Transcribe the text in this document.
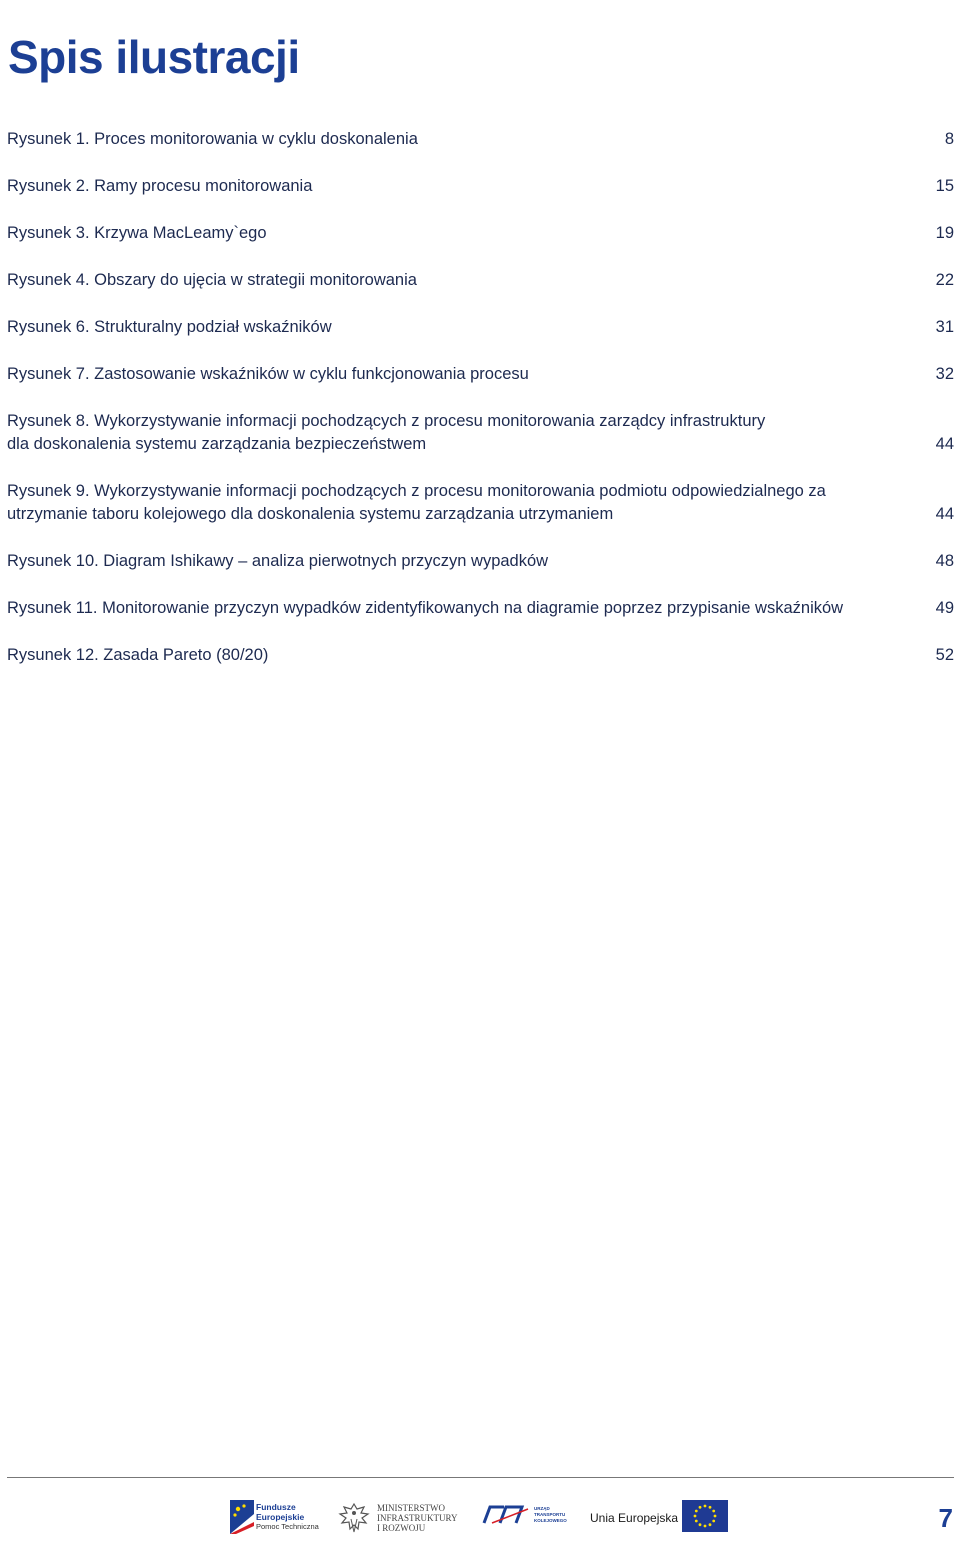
Spis ilustracji
Rysunek 1. Proces monitorowania w cyklu doskonalenia	8
Rysunek 2. Ramy procesu monitorowania	15
Rysunek 3. Krzywa MacLeamy`ego	19
Rysunek 4. Obszary do ujęcia w strategii monitorowania	22
Rysunek 6. Strukturalny podział wskaźników	31
Rysunek 7. Zastosowanie wskaźników w cyklu funkcjonowania procesu	32
Rysunek 8. Wykorzystywanie informacji pochodzących z procesu monitorowania zarządcy infrastruktury dla doskonalenia systemu zarządzania bezpieczeństwem	44
Rysunek 9. Wykorzystywanie informacji pochodzących z procesu monitorowania podmiotu odpowiedzialnego za utrzymanie taboru kolejowego dla doskonalenia systemu zarządzania utrzymaniem	44
Rysunek 10. Diagram Ishikawy – analiza pierwotnych przyczyn wypadków	48
Rysunek 11. Monitorowanie przyczyn wypadków zidentyfikowanych na diagramie poprzez przypisanie wskaźników	49
Rysunek 12. Zasada Pareto (80/20)	52
Fundusze
Europejskie
Pomoc Techniczna
MINISTERSTWO
INFRASTRUKTURY
I ROZWOJU
URZĄD
TRANSPORTU
KOLEJOWEGO Unia Europejska	7
